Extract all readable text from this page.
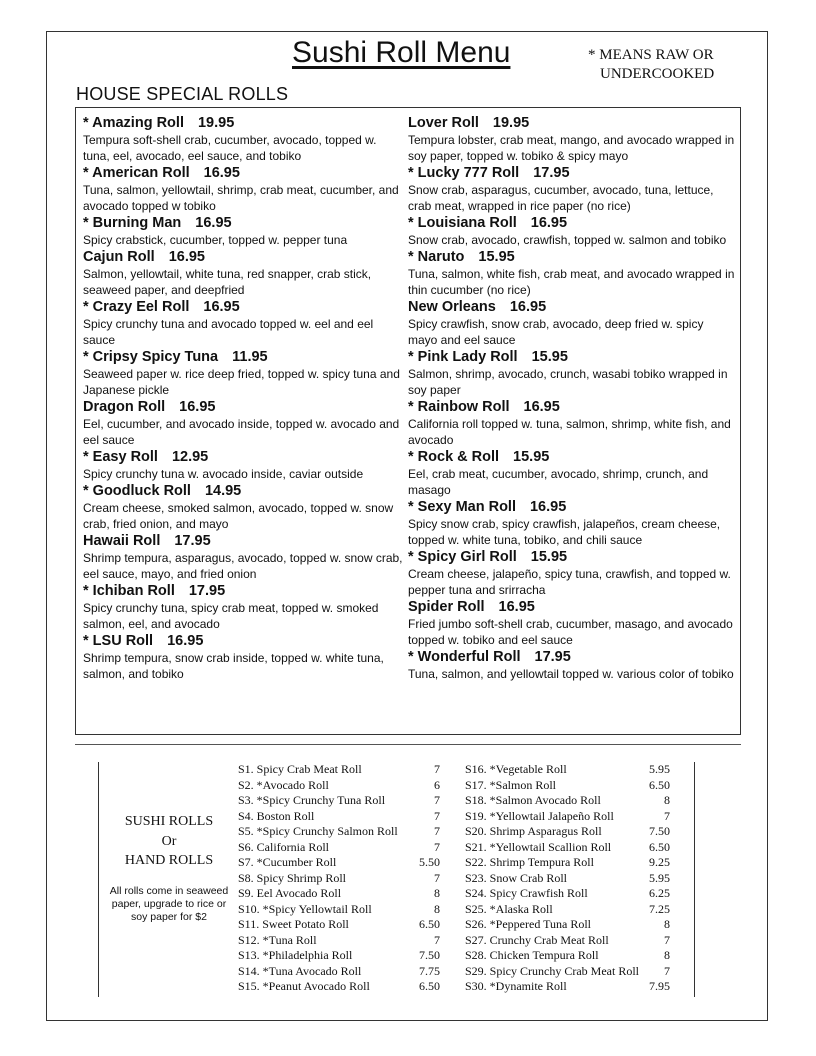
Sushi Roll Menu	* MEANS RAW OR
UNDERCOOKED
HOUSE SPECIAL ROLLS
* Amazing Roll 19.95
Tempura soft-shell crab, cucumber, avocado, topped w. tuna, eel, avocado, eel sauce, and tobiko
* American Roll 16.95
Tuna, salmon, yellowtail, shrimp, crab meat, cucumber, and avocado topped w tobiko
* Burning Man 16.95
Spicy crabstick, cucumber, topped w. pepper tuna
Cajun Roll 16.95
Salmon, yellowtail, white tuna, red snapper, crab stick, seaweed paper, and deepfried
* Crazy Eel Roll 16.95
Spicy crunchy tuna and avocado topped w. eel and eel sauce
* Cripsy Spicy Tuna 11.95
Seaweed paper w. rice deep fried, topped w. spicy tuna and Japanese pickle
Dragon Roll 16.95
Eel, cucumber, and avocado inside, topped w. avocado and eel sauce
* Easy Roll 12.95
Spicy crunchy tuna w. avocado inside, caviar outside
* Goodluck Roll 14.95
Cream cheese, smoked salmon, avocado, topped w. snow crab, fried onion, and mayo
Hawaii Roll 17.95
Shrimp tempura, asparagus, avocado, topped w. snow crab, eel sauce, mayo, and fried onion
* Ichiban Roll 17.95
Spicy crunchy tuna, spicy crab meat, topped w. smoked salmon, eel, and avocado
* LSU Roll 16.95
Shrimp tempura, snow crab inside, topped w. white tuna, salmon, and tobiko
Lover Roll 19.95
Tempura lobster, crab meat, mango, and avocado wrapped in soy paper, topped w. tobiko & spicy mayo
* Lucky 777 Roll 17.95
Snow crab, asparagus, cucumber, avocado, tuna, lettuce, crab meat, wrapped in rice paper (no rice)
* Louisiana Roll 16.95
Snow crab, avocado, crawfish, topped w. salmon and tobiko
* Naruto 15.95
Tuna, salmon, white fish, crab meat, and avocado wrapped in thin cucumber (no rice)
New Orleans 16.95
Spicy crawfish, snow crab, avocado, deep fried w. spicy mayo and eel sauce
* Pink Lady Roll 15.95
Salmon, shrimp, avocado, crunch, wasabi tobiko wrapped in soy paper
* Rainbow Roll 16.95
California roll topped w. tuna, salmon, shrimp, white fish, and avocado
* Rock & Roll 15.95
Eel, crab meat, cucumber, avocado, shrimp, crunch, and masago
* Sexy Man Roll 16.95
Spicy snow crab, spicy crawfish, jalapeños, cream cheese, topped w. white tuna, tobiko, and chili sauce
* Spicy Girl Roll 15.95
Cream cheese, jalapeño, spicy tuna, crawfish, and topped w. pepper tuna and srirracha
Spider Roll 16.95
Fried jumbo soft-shell crab, cucumber, masago, and avocado topped w. tobiko and eel sauce
* Wonderful Roll 17.95
Tuna, salmon, and yellowtail topped w. various color of tobiko
SUSHI ROLLS
Or
HAND ROLLS
All rolls come in seaweed paper, upgrade to rice or soy paper for $2
S1. Spicy Crab Meat Roll	7
S2. *Avocado Roll	6
S3. *Spicy Crunchy Tuna Roll	7
S4. Boston Roll	7
S5. *Spicy Crunchy Salmon Roll	7
S6. California Roll	7
S7. *Cucumber Roll	5.50
S8. Spicy Shrimp Roll	7
S9. Eel Avocado Roll	8
S10. *Spicy Yellowtail Roll	8
S11. Sweet Potato Roll	6.50
S12. *Tuna Roll	7
S13. *Philadelphia Roll	7.50
S14. *Tuna Avocado Roll	7.75
S15. *Peanut Avocado Roll	6.50
S16. *Vegetable Roll	5.95
S17. *Salmon Roll	6.50
S18. *Salmon Avocado Roll	8
S19. *Yellowtail Jalapeño Roll	7
S20. Shrimp Asparagus Roll	7.50
S21. *Yellowtail Scallion Roll	6.50
S22. Shrimp Tempura Roll	9.25
S23. Snow Crab Roll	5.95
S24. Spicy Crawfish Roll	6.25
S25. *Alaska Roll	7.25
S26. *Peppered Tuna Roll	8
S27. Crunchy Crab Meat Roll	7
S28. Chicken Tempura Roll	8
S29. Spicy Crunchy Crab Meat Roll 7
S30. *Dynamite Roll	7.95
